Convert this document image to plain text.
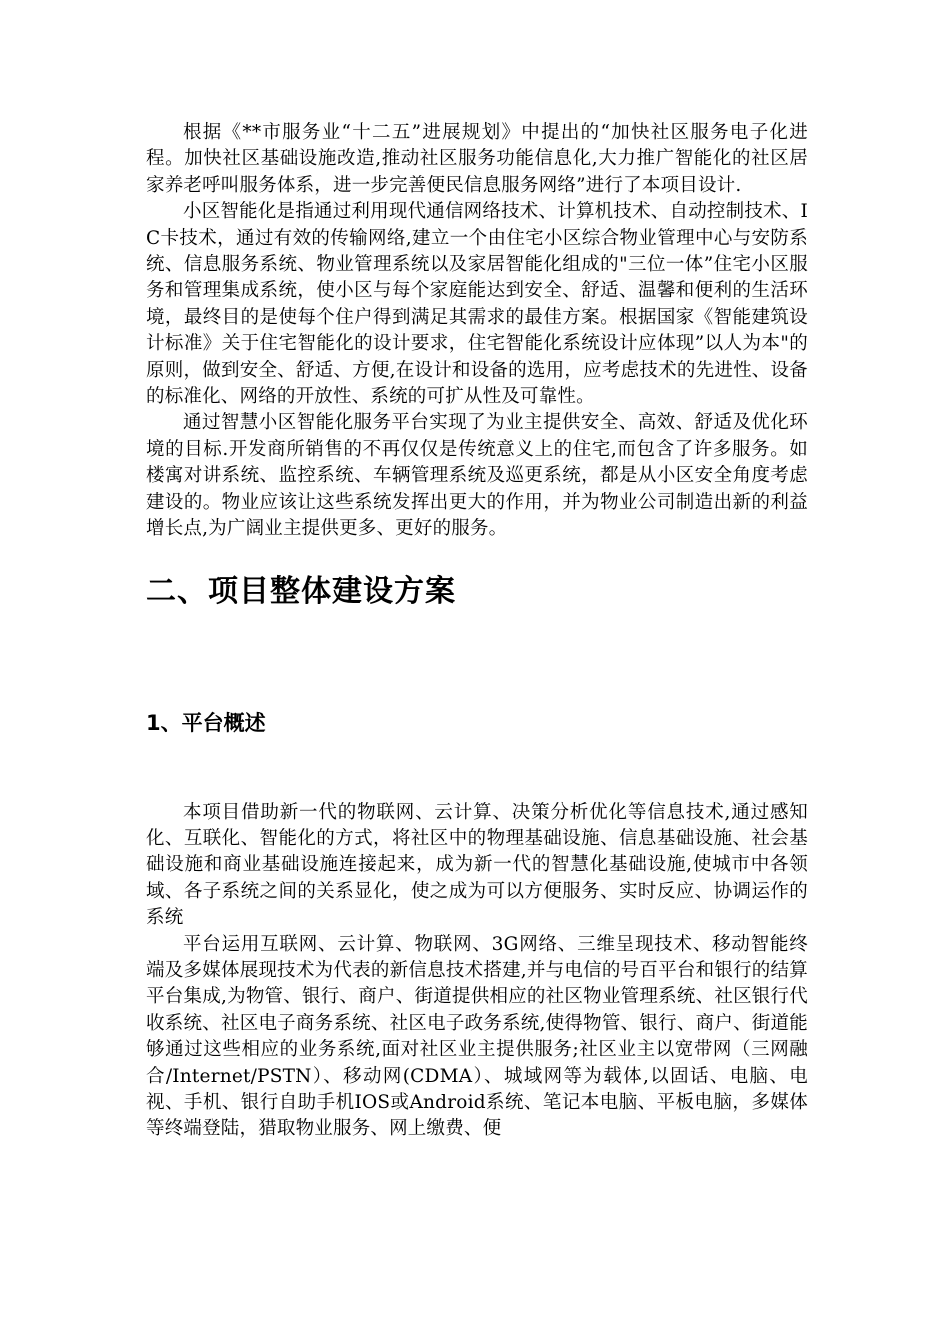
根据《**市服务业“十二五”进展规划》中提出的“加快社区服务电子化进程。加快社区基础设施改造,推动社区服务功能信息化,大力推广智能化的社区居家养老呼叫服务体系，进一步完善便民信息服务网络”进行了本项目设计.

小区智能化是指通过利用现代通信网络技术、计算机技术、自动控制技术、IC卡技术，通过有效的传输网络,建立一个由住宅小区综合物业管理中心与安防系统、信息服务系统、物业管理系统以及家居智能化组成的"三位一体”住宅小区服务和管理集成系统，使小区与每个家庭能达到安全、舒适、温馨和便利的生活环境，最终目的是使每个住户得到满足其需求的最佳方案。根据国家《智能建筑设计标准》关于住宅智能化的设计要求，住宅智能化系统设计应体现”以人为本"的原则，做到安全、舒适、方便,在设计和设备的选用，应考虑技术的先进性、设备的标准化、网络的开放性、系统的可扩从性及可靠性。

通过智慧小区智能化服务平台实现了为业主提供安全、高效、舒适及优化环境的目标.开发商所销售的不再仅仅是传统意义上的住宅,而包含了许多服务。如楼寓对讲系统、监控系统、车辆管理系统及巡更系统，都是从小区安全角度考虑建设的。物业应该让这些系统发挥出更大的作用，并为物业公司制造出新的利益增长点,为广阔业主提供更多、更好的服务。

二、项目整体建设方案
1、平台概述

本项目借助新一代的物联网、云计算、决策分析优化等信息技术,通过感知化、互联化、智能化的方式，将社区中的物理基础设施、信息基础设施、社会基础设施和商业基础设施连接起来，成为新一代的智慧化基础设施,使城市中各领域、各子系统之间的关系显化，使之成为可以方便服务、实时反应、协调运作的系统

平台运用互联网、云计算、物联网、3G网络、三维呈现技术、移动智能终端及多媒体展现技术为代表的新信息技术搭建,并与电信的号百平台和银行的结算平台集成,为物管、银行、商户、街道提供相应的社区物业管理系统、社区银行代收系统、社区电子商务系统、社区电子政务系统,使得物管、银行、商户、街道能够通过这些相应的业务系统,面对社区业主提供服务;社区业主以宽带网（三网融合/Internet/PSTN）、移动网(CDMA）、城域网等为载体,以固话、电脑、电视、手机、银行自助手机IOS或Android系统、笔记本电脑、平板电脑，多媒体等终端登陆，猎取物业服务、网上缴费、便
